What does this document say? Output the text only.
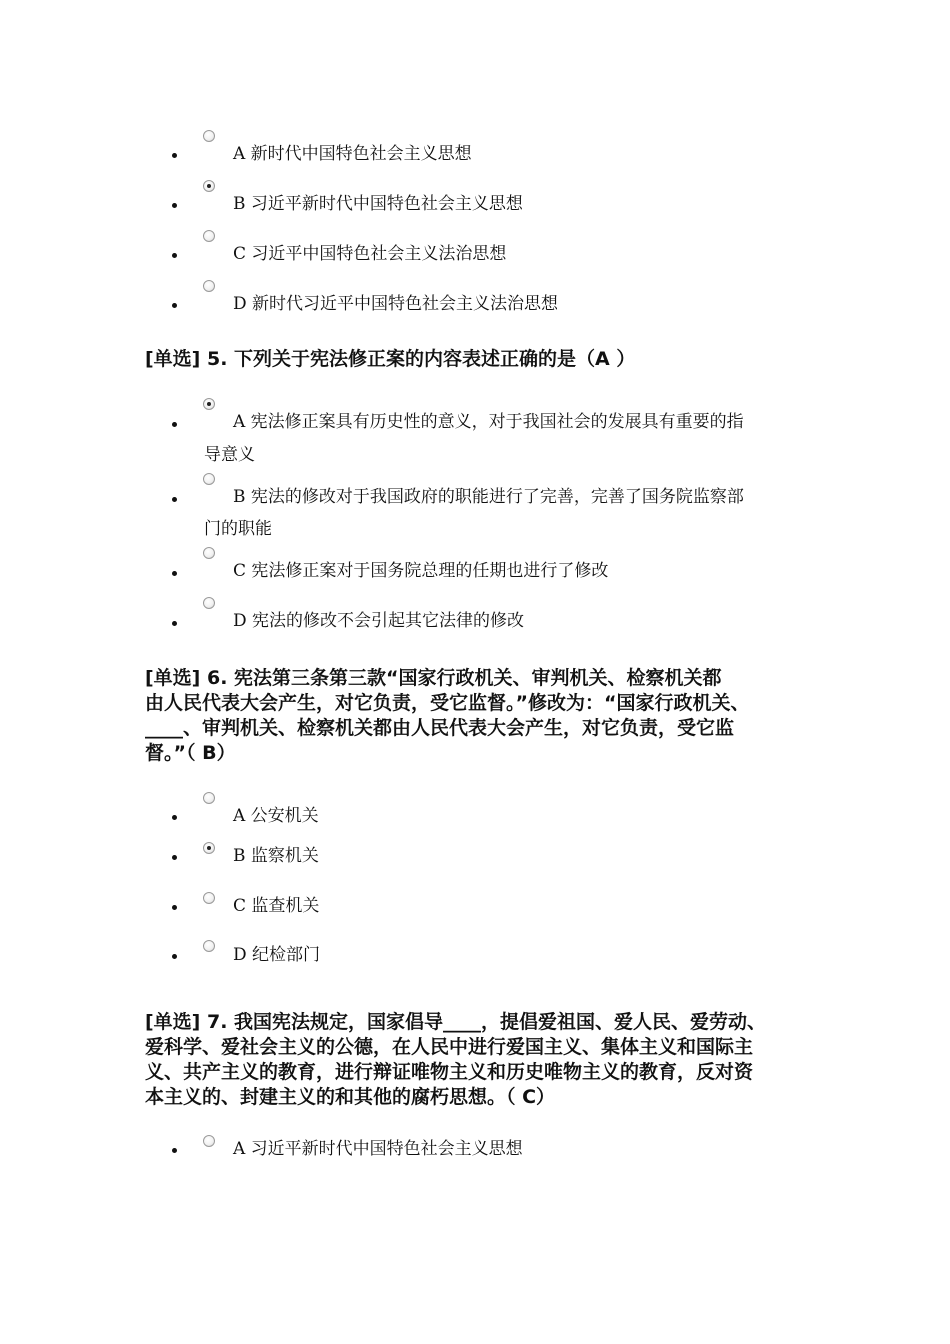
A 新时代中国特色社会主义思想
B 习近平新时代中国特色社会主义思想
C 习近平中国特色社会主义法治思想
D 新时代习近平中国特色社会主义法治思想
[单选] 5. 下列关于宪法修正案的内容表述正确的是（A ）
A 宪法修正案具有历史性的意义，对于我国社会的发展具有重要的指
导意义
B 宪法的修改对于我国政府的职能进行了完善，完善了国务院监察部
门的职能
C 宪法修正案对于国务院总理的任期也进行了修改
D 宪法的修改不会引起其它法律的修改
[单选] 6. 宪法第三条第三款“国家行政机关、审判机关、检察机关都
由人民代表大会产生，对它负责，受它监督。”修改为：“国家行政机关、
____、审判机关、检察机关都由人民代表大会产生，对它负责，受它监
督。”（ B）
A 公安机关
B 监察机关
C 监查机关
D 纪检部门
[单选] 7. 我国宪法规定，国家倡导____，提倡爱祖国、爱人民、爱劳动、
爱科学、爱社会主义的公德，在人民中进行爱国主义、集体主义和国际主
义、共产主义的教育，进行辩证唯物主义和历史唯物主义的教育，反对资
本主义的、封建主义的和其他的腐朽思想。（ C）
A 习近平新时代中国特色社会主义思想
